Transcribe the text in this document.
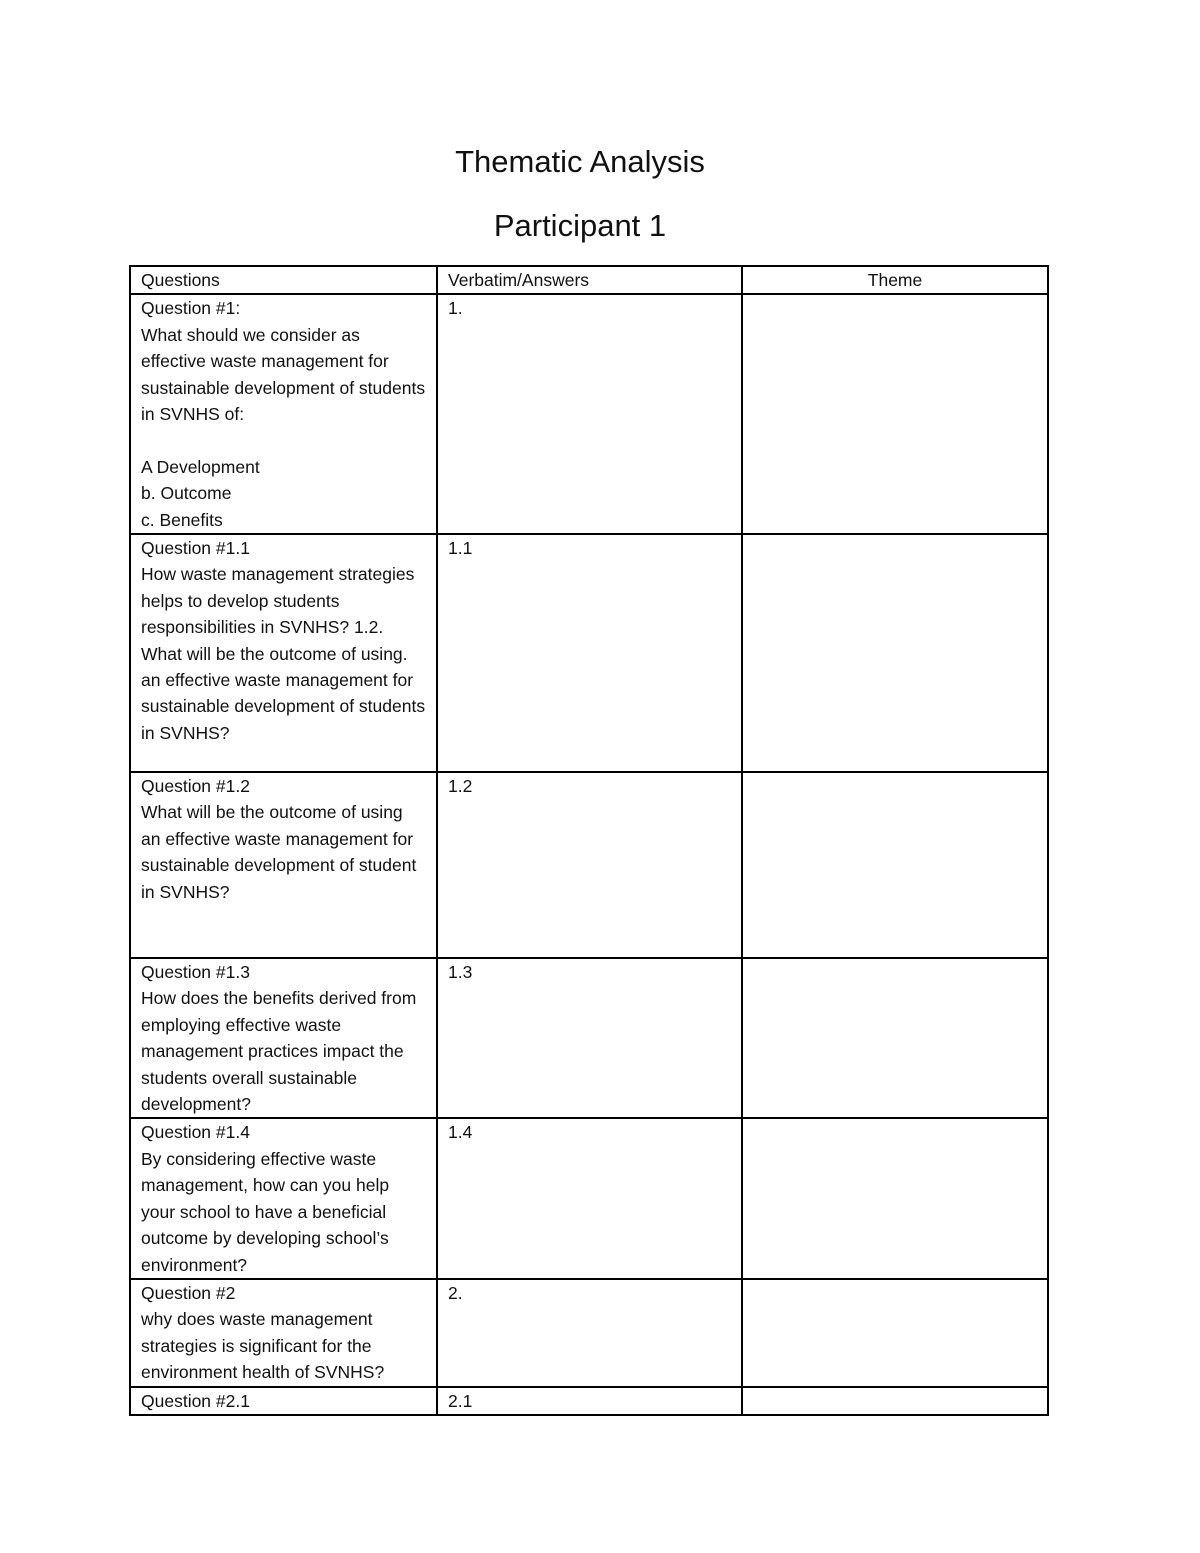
Thematic Analysis
Participant 1
Questions	Verbatim/Answers	Theme

Question #1:
What should we consider as effective waste management for sustainable development of students in SVNHS of:
A Development
b. Outcome
c. Benefits	1.	

Question #1.1
How waste management strategies helps to develop students responsibilities in SVNHS? 1.2. What will be the outcome of using. an effective waste management for sustainable development of students in SVNHS?	1.1	

Question #1.2
What will be the outcome of using an effective waste management for sustainable development of student in SVNHS?	1.2	

Question #1.3
How does the benefits derived from employing effective waste management practices impact the students overall sustainable development?	1.3	

Question #1.4
By considering effective waste management, how can you help your school to have a beneficial outcome by developing school’s environment?	1.4	

Question #2
why does waste management strategies is significant for the environment health of SVNHS?	2.	

Question #2.1	2.1	
